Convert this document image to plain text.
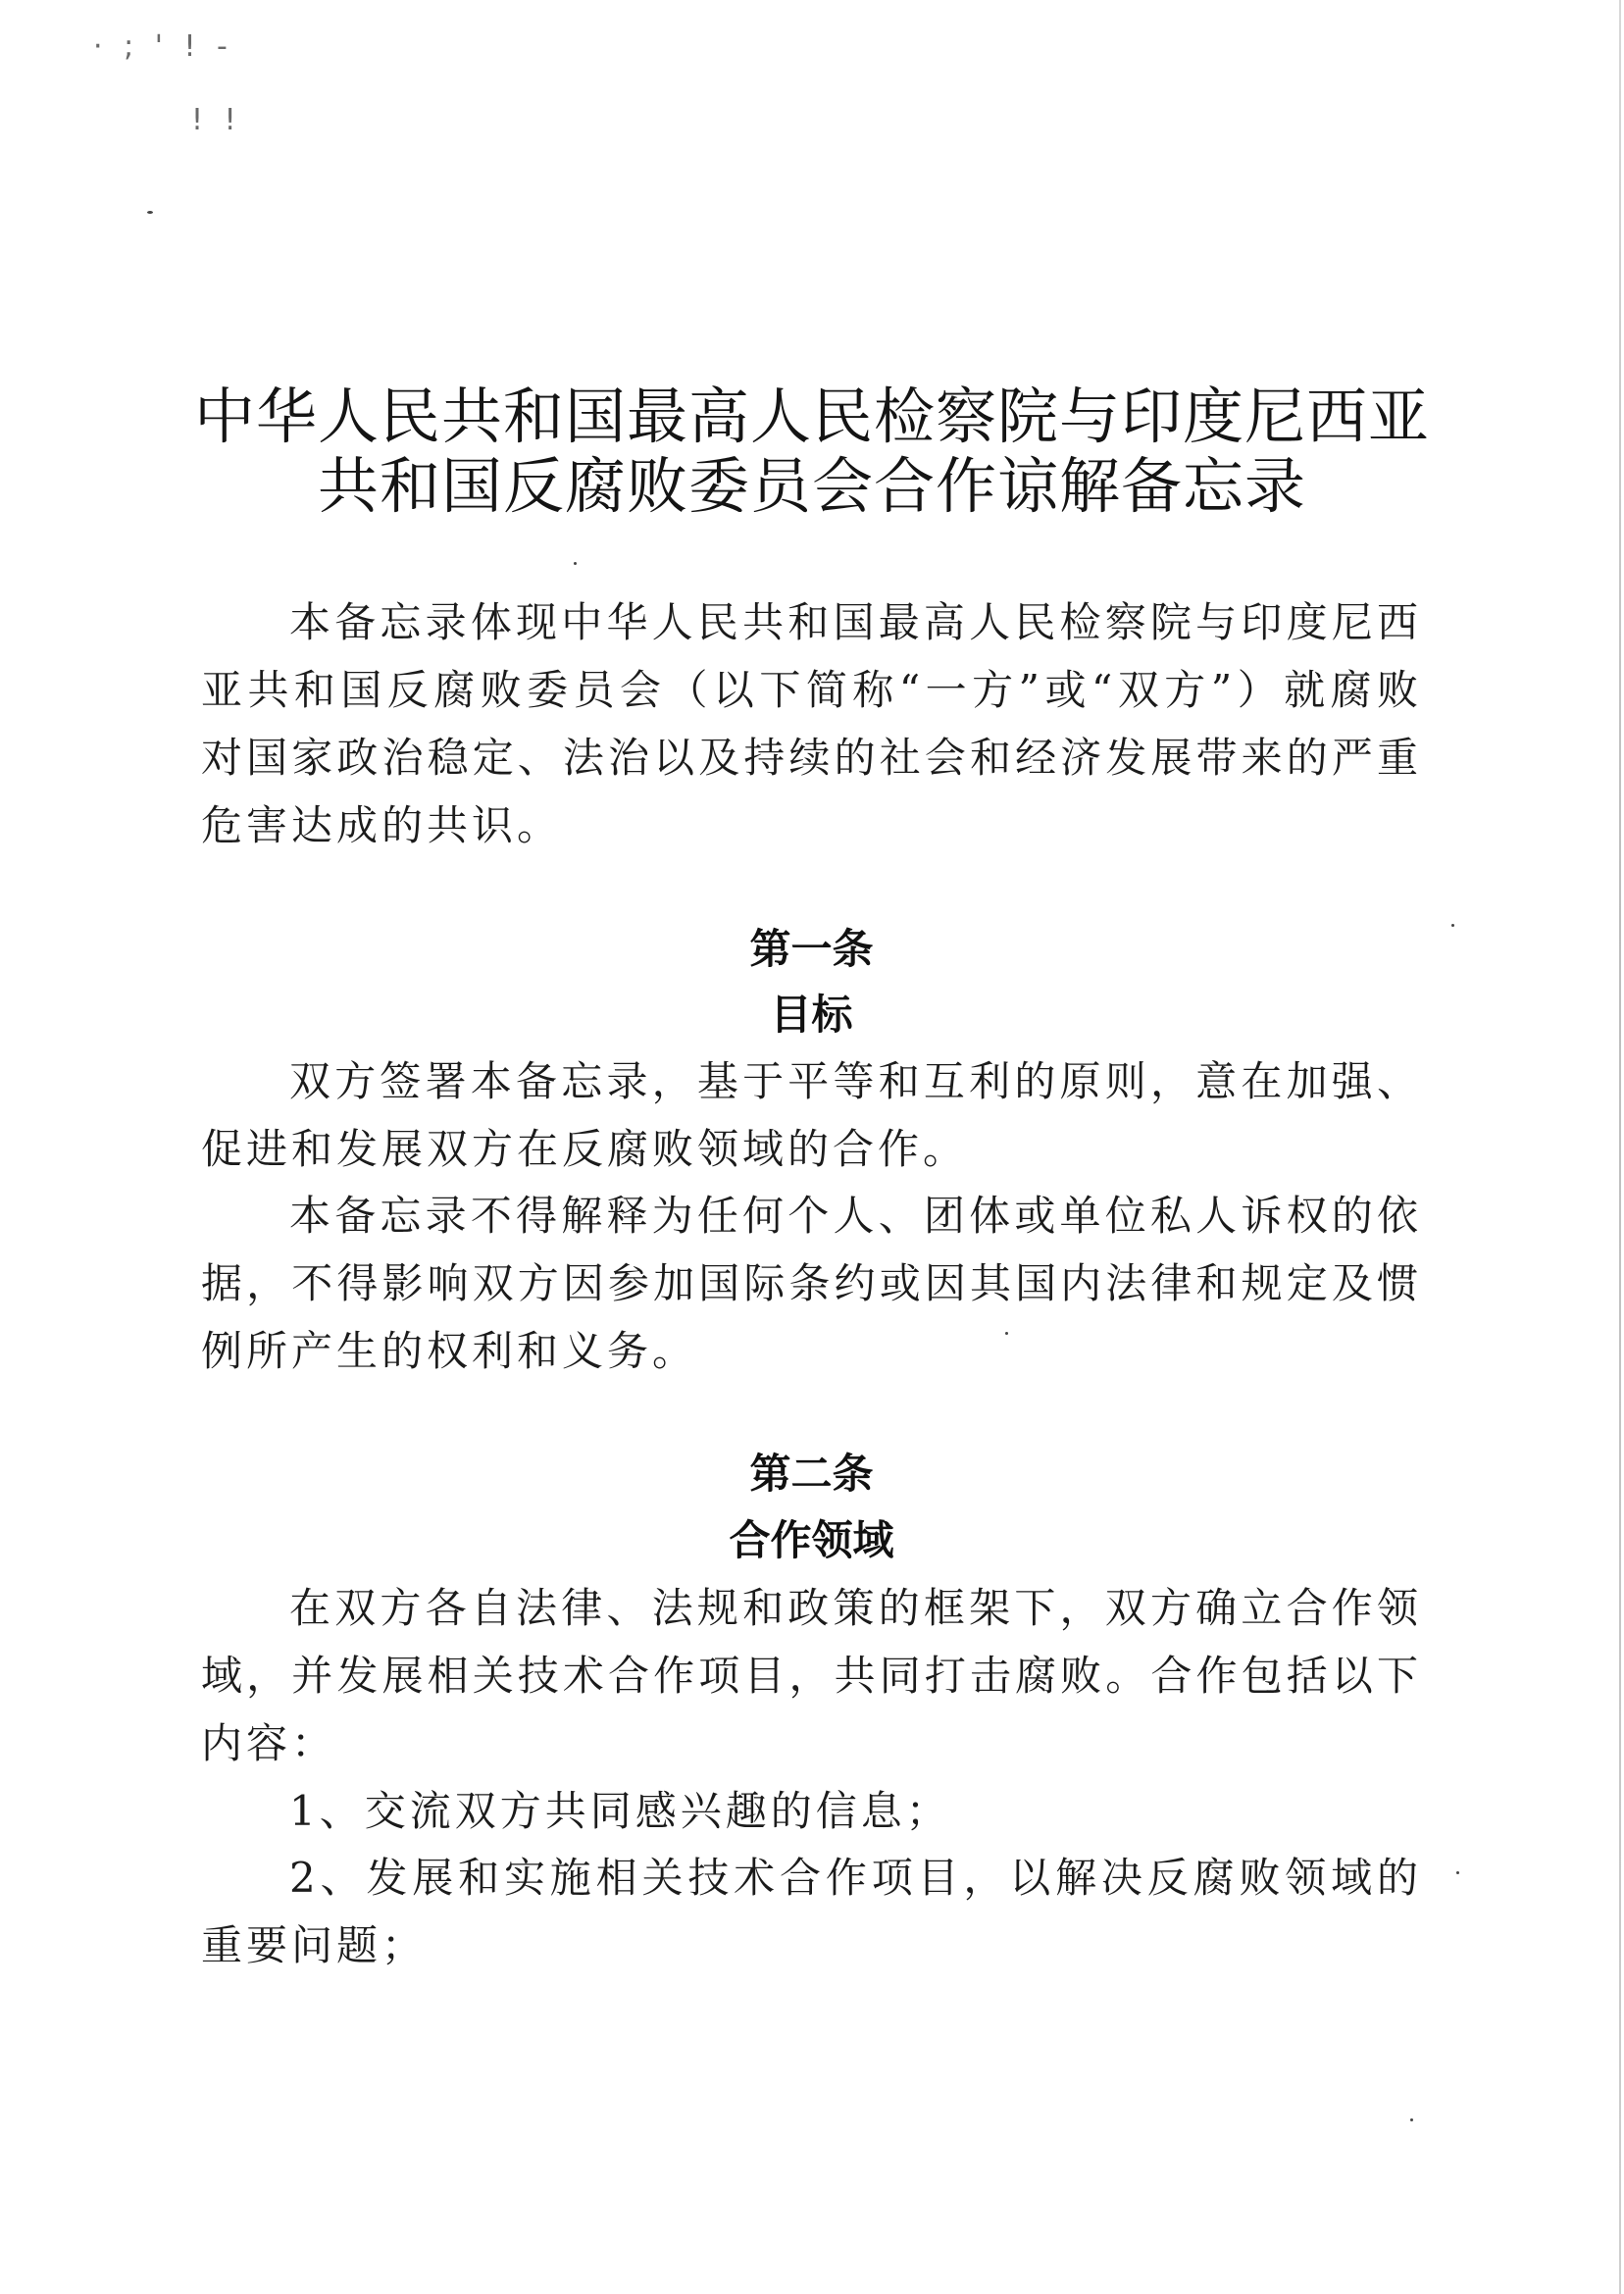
· ; ' ! -
! !
中华人民共和国最高人民检察院与印度尼西亚
共和国反腐败委员会合作谅解备忘录

本备忘录体现中华人民共和国最高人民检察院与印度尼西亚共和国反腐败委员会（以下简称“一方”或“双方”）就腐败对国家政治稳定、法治以及持续的社会和经济发展带来的严重危害达成的共识。

第一条
目标

双方签署本备忘录，基于平等和互利的原则，意在加强、促进和发展双方在反腐败领域的合作。

本备忘录不得解释为任何个人、团体或单位私人诉权的依据，不得影响双方因参加国际条约或因其国内法律和规定及惯例所产生的权利和义务。

第二条
合作领域

在双方各自法律、法规和政策的框架下，双方确立合作领域，并发展相关技术合作项目，共同打击腐败。合作包括以下内容：

1、交流双方共同感兴趣的信息；

2、发展和实施相关技术合作项目，以解决反腐败领域的重要问题；
